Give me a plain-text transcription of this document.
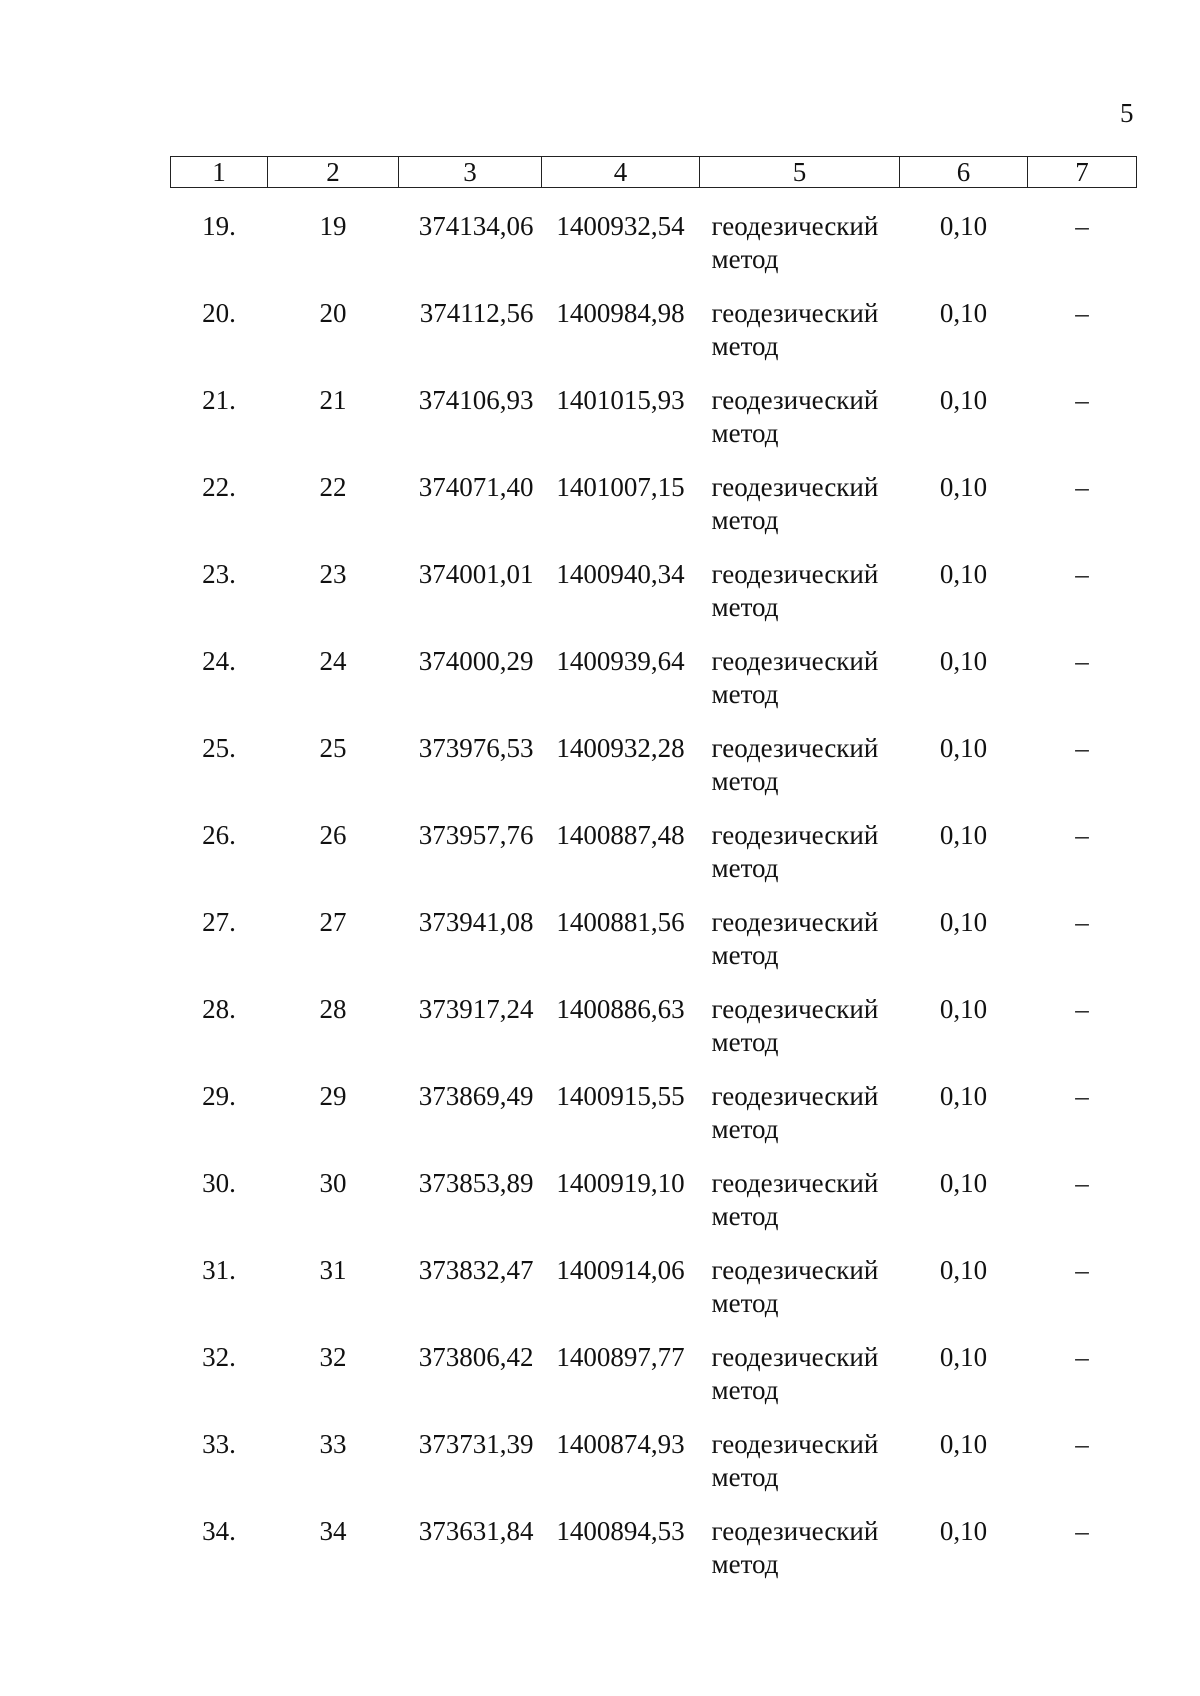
5
1	2	3	4	5	6	7
19.	19	374134,06	1400932,54	геодезический метод	0,10	–
20.	20	374112,56	1400984,98	геодезический метод	0,10	–
21.	21	374106,93	1401015,93	геодезический метод	0,10	–
22.	22	374071,40	1401007,15	геодезический метод	0,10	–
23.	23	374001,01	1400940,34	геодезический метод	0,10	–
24.	24	374000,29	1400939,64	геодезический метод	0,10	–
25.	25	373976,53	1400932,28	геодезический метод	0,10	–
26.	26	373957,76	1400887,48	геодезический метод	0,10	–
27.	27	373941,08	1400881,56	геодезический метод	0,10	–
28.	28	373917,24	1400886,63	геодезический метод	0,10	–
29.	29	373869,49	1400915,55	геодезический метод	0,10	–
30.	30	373853,89	1400919,10	геодезический метод	0,10	–
31.	31	373832,47	1400914,06	геодезический метод	0,10	–
32.	32	373806,42	1400897,77	геодезический метод	0,10	–
33.	33	373731,39	1400874,93	геодезический метод	0,10	–
34.	34	373631,84	1400894,53	геодезический метод	0,10	–
